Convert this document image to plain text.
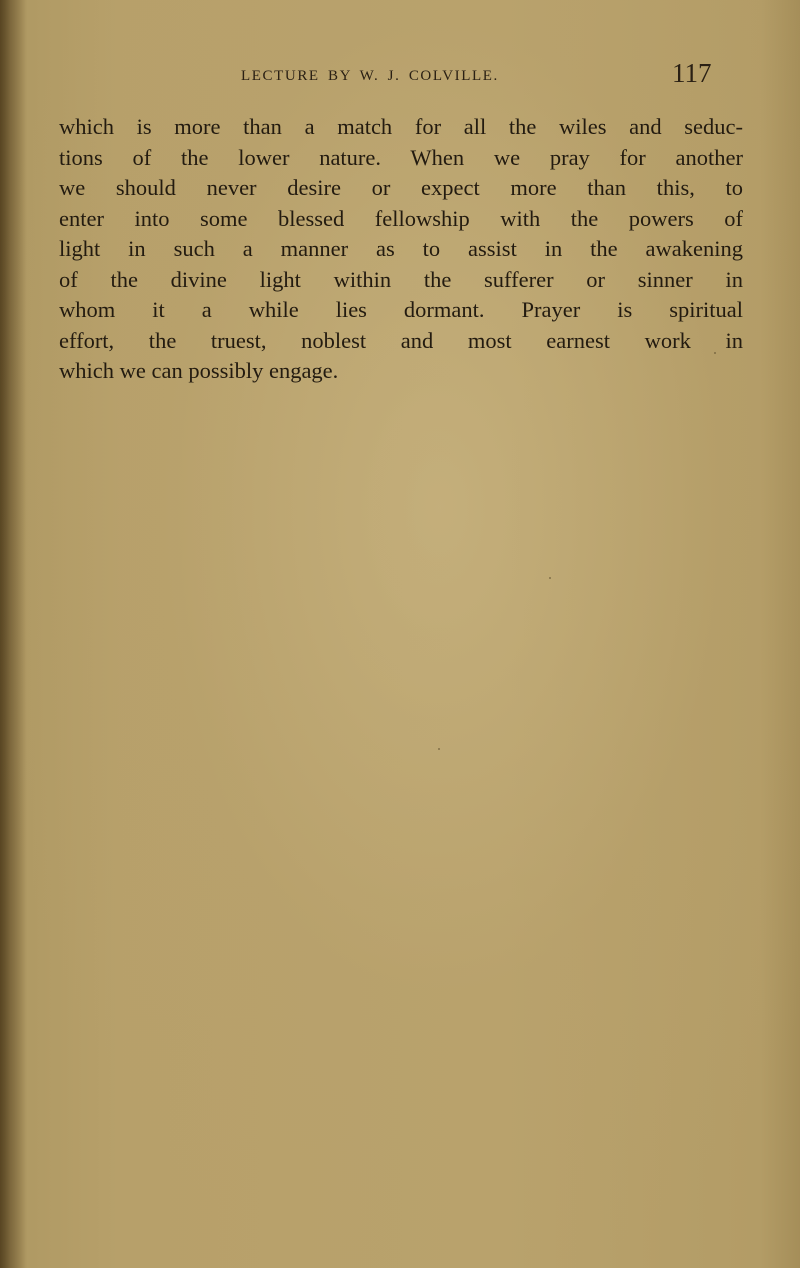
LECTURE BY W. J. COLVILLE.	117
which is more than a match for all the wiles and seduc-
tions of the lower nature. When we pray for another
we should never desire or expect more than this, to
enter into some blessed fellowship with the powers of
light in such a manner as to assist in the awakening
of the divine light within the sufferer or sinner in
whom it a while lies dormant. Prayer is spiritual
effort, the truest, noblest and most earnest work in
which we can possibly engage.
